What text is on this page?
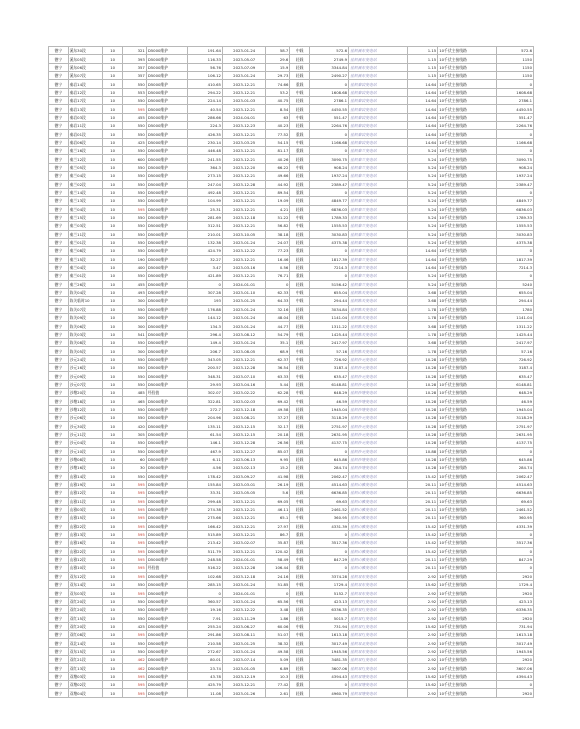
德宁	溪东30段	10	321	D5000维护	191.64	2023-01-24	58.7	中载	572.6	佳机溪东变电站	1.15	10千伏主接线路	572.6
德宁	溪东05段	10	393	D5000维护	116.33	2023-05-07	29.6	轻载	2749.9	佳机溪东变电站	1.15	10千伏主接线路	1150
德宁	溪东06段	10	357	D5000维护	56.76	2023-07-09	15.9	轻载	3344.84	佳机溪东变电站	1.15	10千伏主接线路	1150
德宁	溪东07段	10	357	D5000维护	106.12	2023-01-24	29.73	轻载	2490.27	佳机溪东变电站	1.15	10千伏主接线路	1150
德宁	秦岩14段	10	550	D5000维护	410.65	2023-12-21	74.66	重载	0	佳机秦岩变电站	14.64	10千伏主接线路	0
德宁	秦岩12段	10	553	D5000维护	294.22	2023-12-21	53.2	中载	1608.68	佳机秦岩变电站	14.64	10千伏主接线路	1608.68
德宁	秦岩17段	10	550	D5000维护	224.14	2023-01-03	40.75	轻载	2786.1	佳机秦岩变电站	14.64	10千伏主接线路	2786.1
德宁	秦岩13段	10	595	D5000维护	40.54	2023-12-21	8.54	轻载	4450.55	佳机秦岩变电站	14.64	10千伏主接线路	4450.55
德宁	秦岩03段	10	455	D5000维护	286.66	2024-04-01	63	中载	551.47	佳机秦岩变电站	14.64	10千伏主接线路	551.47
德宁	秦岩11段	10	550	D5000维护	224.3	2023-12-23	40.23	轻载	2264.76	佳机秦岩变电站	14.64	10千伏主接线路	2264.76
德宁	秦岩01段	10	550	D5000维护	426.35	2023-12-21	77.52	重载	0	佳机秦岩变电站	14.64	10千伏主接线路	0
德宁	秦岩06段	10	425	D5000维护	230.14	2023-03-25	54.15	中载	1166.68	佳机秦岩变电站	14.64	10千伏主接线路	1166.68
德宁	秦兰16段	10	550	D5000维护	446.48	2023-12-21	81.17	重载	0	佳机秦兰变电站	5.24	10千伏主接线路	0
德宁	秦兰12段	10	600	D5000维护	241.55	2023-12-21	40.26	轻载	3090.75	佳机秦兰变电站	5.24	10千伏主接线路	3090.75
德宁	秦兰05段	10	550	D5000维护	364.3	2023-12-20	66.22	中载	908.24	佳机秦兰变电站	5.24	10千伏主接线路	908.24
德宁	秦兰04段	10	550	D5000维护	273.15	2023-12-21	49.66	轻载	1937.24	佳机秦兰变电站	5.24	10千伏主接线路	1937.24
德宁	秦兰02段	10	550	D5000维护	247.04	2023-12-28	44.92	轻载	2389.47	佳机秦兰变电站	5.24	10千伏主接线路	2389.47
德宁	秦兰14段	10	550	D5000维护	492.48	2023-12-21	89.54	重载	0	佳机秦兰变电站	5.24	10千伏主接线路	0
德宁	秦兰13段	10	550	D5000维护	104.99	2023-12-21	19.09	轻载	4849.77	佳机秦兰变电站	5.24	10千伏主接线路	4849.77
德宁	秦兰04段	10	595	D5000维护	25.31	2023-12-21	4.21	轻载	6836.03	佳机秦兰变电站	5.24	10千伏主接线路	6836.03
德宁	秦兰15段	10	550	D5000维护	281.69	2023-12-18	51.22	中载	1789.33	佳机秦兰变电站	5.24	10千伏主接线路	1789.33
德宁	秦兰03段	10	550	D5000维护	312.51	2023-12-21	56.82	中载	1555.53	佳机秦兰变电站	5.24	10千伏主接线路	1555.53
德宁	秦兰11段	10	550	D5000维护	210.01	2023-10-05	38.18	轻载	3030.83	佳机秦兰变电站	5.24	10千伏主接线路	3030.83
德宁	秦兰01段	10	550	D5000维护	132.38	2023-01-24	24.07	轻载	4375.38	佳机秦兰变电站	5.24	10千伏主接线路	4375.38
德宁	秦兰08段	10	550	D5000维护	424.79	2023-12-22	77.23	重载	0	佳机秦兰变电站	14.64	10千伏主接线路	0
德宁	秦兰15段	10	190	D5000维护	32.27	2023-12-21	16.46	轻载	1817.39	佳机秦兰变电站	14.64	10千伏主接线路	1817.39
德宁	秦兰04段	10	400	D5000维护	3.47	2023-03-16	0.56	轻载	7214.3	佳机秦兰变电站	14.64	10千伏主接线路	7214.3
德宁	秦兰01段	10	550	D5000维护	421.89	2023-12-21	76.71	重载	0	佳机秦兰变电站	5.24	10千伏主接线路	0
德宁	秦兰26段	10	455	D5000维护	0	2024-01-01	0	轻载	5156.42	佳机秦兰变电站	5.24	10千伏主接线路	5240
德宁	陈关04段	10	493	D5000维护	307.28	2023-01-10	62.33	中载	655.04	佳机陈关变电站	3.68	10千伏主接线路	655.04
德宁	陈关临时10	10	300	D5000维护	193	2023-01-25	64.33	中载	294.44	佳机陈关变电站	3.68	10千伏主接线路	294.44
德宁	陈关07段	10	550	D5000维护	176.88	2023-01-24	32.16	轻载	3034.84	佳机陈关变电站	1.78	10千伏主接线路	1780
德宁	陈关09段	10	300	D5000维护	144.12	2023-01-24	48.04	轻载	1141.04	佳机陈关变电站	1.78	10千伏主接线路	1141.04
德宁	陈关06段	10	300	D5000维护	134.3	2023-01-24	44.77	轻载	1311.22	佳机陈关变电站	3.68	10千伏主接线路	1311.22
德宁	陈关03段	10	541	D5000维护	296.4	2023-08-12	54.79	中载	1425.44	佳机陈关变电站	1.78	10千伏主接线路	1425.44
德宁	陈关08段	10	550	D5000维护	149.4	2023-01-24	35.1	轻载	2417.97	佳机陈关变电站	3.68	10千伏主接线路	2417.97
德宁	陈关05段	10	300	D5000维护	206.7	2023-08-05	68.9	中载	57.16	佳机陈关变电站	1.78	10千伏主接线路	57.16
德宁	沙元24段	10	550	D5000维护	343.05	2023-12-21	62.37	中载	726.92	佳机沙元变电站	10.28	10千伏主接线路	726.92
德宁	沙元16段	10	550	D5000维护	200.57	2023-12-28	36.54	轻载	3187.4	佳机沙元变电站	10.28	10千伏主接线路	3187.4
德宁	沙元09段	10	550	D5000维护	348.31	2023-07-10	63.33	中载	635.47	佳机沙元变电站	10.28	10千伏主接线路	635.47
德宁	沙元07段	10	550	D5000维护	29.93	2023-04-16	5.44	轻载	6148.81	佳机沙元变电站	10.28	10千伏主接线路	6148.81
德宁	沙塘20段	10	485	经验值	302.07	2023-02-22	62.28	中载	648.29	佳机沙塘变电站	10.28	10千伏主接线路	648.29
德宁	沙塘18段	10	465	D5000维护	322.81	2023-02-03	69.42	中载	46.59	佳机沙塘变电站	10.28	10千伏主接线路	46.59
德宁	沙塘12段	10	550	D5000维护	272.7	2023-12-18	49.58	轻载	1945.04	佳机沙塘变电站	10.28	10千伏主接线路	1945.04
德宁	沙元06段	10	550	D5000维护	204.96	2023-08-21	37.27	轻载	3118.29	佳机沙元变电站	10.28	10千伏主接线路	3118.29
德宁	沙元30段	10	420	D5000维护	135.11	2023-12-15	32.17	轻载	2751.97	佳机沙元变电站	10.28	10千伏主接线路	2751.97
德宁	沙元11段	10	305	D5000维护	61.54	2023-12-15	20.18	轻载	2631.95	佳机沙元变电站	10.28	10千伏主接线路	2631.95
德宁	沙元04段	10	550	D5000维护	146.1	2023-12-28	26.56	轻载	4137.75	佳机沙元变电站	10.28	10千伏主接线路	4137.75
德宁	沙元10段	10	550	D5000维护	467.9	2023-12-27	85.07	重载	0	佳机沙元变电站	10.88	10千伏主接线路	0
德宁	沙塘08段	10	60	D5000维护	6.11	2023-06-13	9.95	轻载	645.86	佳机沙塘变电站	10.28	10千伏主接线路	645.86
德宁	沙塘16段	10	30	D5000维护	4.56	2023-02-13	15.2	轻载	284.74	佳机沙塘变电站	10.28	10千伏主接线路	284.74
德宁	山雅14段	10	550	D5000维护	178.42	2023-09-27	41.98	轻载	2062.47	佳机山雅变电站	15.42	10千伏主接线路	2062.47
德宁	山雅19段	10	595	D5000维护	155.84	2023-03-01	26.19	轻载	4514.63	佳机山雅变电站	20.11	10千伏主接线路	4514.63
德宁	山雅12段	10	595	D5000维护	33.31	2023-05-05	5.6	轻载	6636.85	佳机山雅变电站	20.11	10千伏主接线路	6636.85
德宁	山雅11段	10	595	D5000维护	299.48	2023-12-21	69.05	中载	69.63	佳机山雅变电站	20.11	10千伏主接线路	69.63
德宁	山雅03段	10	595	D5000维护	274.38	2023-12-21	46.11	轻载	2461.52	佳机山雅变电站	20.11	10千伏主接线路	2461.52
德宁	山雅15段	10	595	D5000维护	275.66	2023-12-21	65.1	中载	360.95	佳机山雅变电站	20.11	10千伏主接线路	360.95
德宁	山雅22段	10	595	D5000维护	166.42	2023-12-21	27.97	轻载	4331.39	佳机山雅变电站	15.42	10千伏主接线路	4331.39
德宁	山雅13段	10	595	D5000维护	515.89	2023-12-21	86.7	重载	0	佳机山雅变电站	15.42	10千伏主接线路	0
德宁	山雅16段	10	595	D5000维护	213.42	2023-02-07	35.87	轻载	3517.36	佳机山雅变电站	15.42	10千伏主接线路	3517.36
德宁	山雅22段	10	595	D5000维护	511.79	2023-12-21	120.42	重载	0	佳机山雅变电站	15.42	10千伏主接线路	0
德宁	山雅12段	10	595	D5000维护	248.58	2024-01-01	58.49	中载	847.29	佳机山雅变电站	20.11	10千伏主接线路	847.29
德宁	山雅10段	10	595	经验值	516.22	2023-12-28	106.44	重载	0	佳机山雅变电站	20.11	10千伏主接线路	0
德宁	双东12段	10	595	D5000维护	102.68	2023-12-18	24.16	轻载	3374.28	佳机双东变电站	2.92	10千伏主接线路	2920
德宁	双东14段	10	550	D5000维护	285.15	2023-01-24	51.85	中载	1729.4	佳机双东变电站	15.62	10千伏主接线路	1729.4
德宁	双东03段	10	595	D5000维护	0	2024-01-01	0	轻载	5152.7	佳机双东变电站	2.92	10千伏主接线路	2920
德宁	双红20段	10	550	D5000维护	360.57	2023-01-24	65.56	中载	423.13	佳机双红变电站	2.92	10千伏主接线路	423.13
德宁	双红20段	10	550	D5000维护	19.16	2023-12-22	3.48	轻载	6336.35	佳机双红变电站	2.92	10千伏主接线路	6336.35
德宁	双红15段	10	550	D5000维护	7.91	2023-11-29	1.86	轻载	5015.7	佳机双红变电站	2.92	10千伏主接线路	2920
德宁	双红20段	10	425	D5000维护	255.24	2023-06-27	60.06	中载	731.94	佳机双红变电站	15.62	10千伏主接线路	731.94
德宁	双红08段	10	595	D5000维护	291.86	2023-08-11	51.07	中载	1613.18	佳机双红变电站	2.92	10千伏主接线路	1613.18
德宁	双北14段	10	550	D5000维护	210.58	2023-01-25	38.32	轻载	3017.49	佳机双北变电站	2.92	10千伏主接线路	3017.49
德宁	双东15段	10	550	D5000维护	272.67	2023-01-24	49.58	轻载	1945.56	佳机双东变电站	2.92	10千伏主接线路	1945.56
德宁	双红21段	10	462	D5000维护	80.01	2023-07-14	5.09	轻载	3481.35	佳机双红变电站	2.92	10千伏主接线路	2920
德宁	双红13段	10	462	D5000维护	23.74	2023-01-05	6.89	轻载	3607.06	佳机双红变电站	2.92	10千伏主接线路	3607.06
德宁	双塘03段	10	595	D5000维护	43.78	2023-12-19	10.3	轻载	4394.43	佳机双塘变电站	15.62	10千伏主接线路	4394.43
德宁	双塘02段	10	595	D5000维护	425.79	2023-12-21	77.42	重载	0	佳机双塘变电站	15.62	10千伏主接线路	0
德宁	双塘04段	10	595	D5000维护	11.08	2023-01-26	2.61	轻载	4960.79	佳机双塘变电站	2.92	10千伏主接线路	2920
